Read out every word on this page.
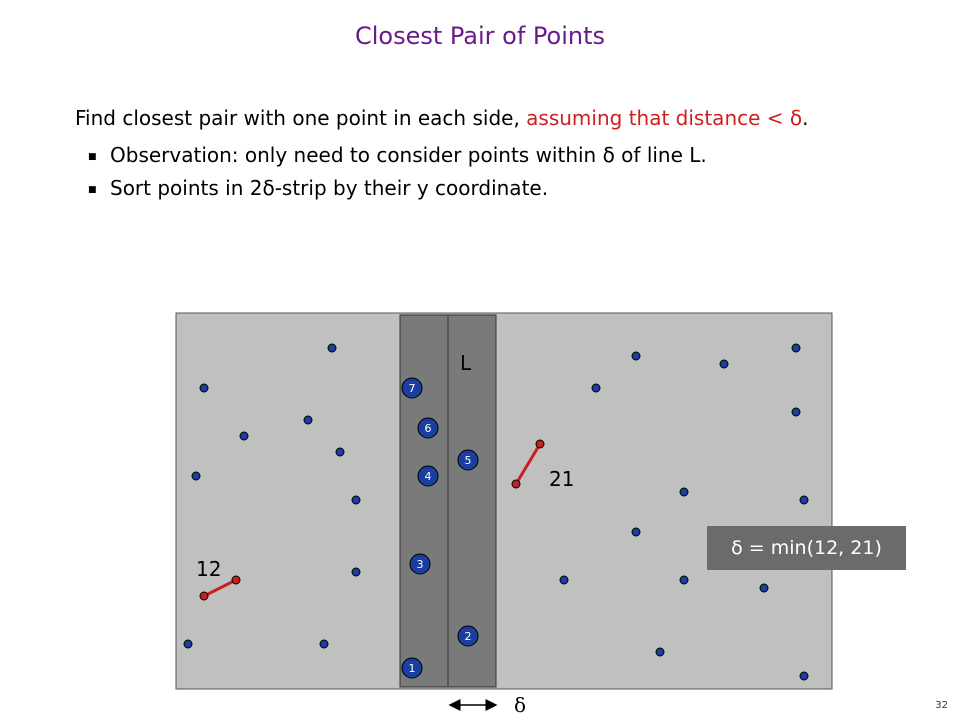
Closest Pair of Points
Find closest pair with one point in each side, assuming that distance < δ.
■ Observation: only need to consider points within δ of line L.
■ Sort points in 2δ-strip by their y coordinate.
L
12
21
7
6
5
4
3
2
1
δ
δ = min(12, 21)
32
